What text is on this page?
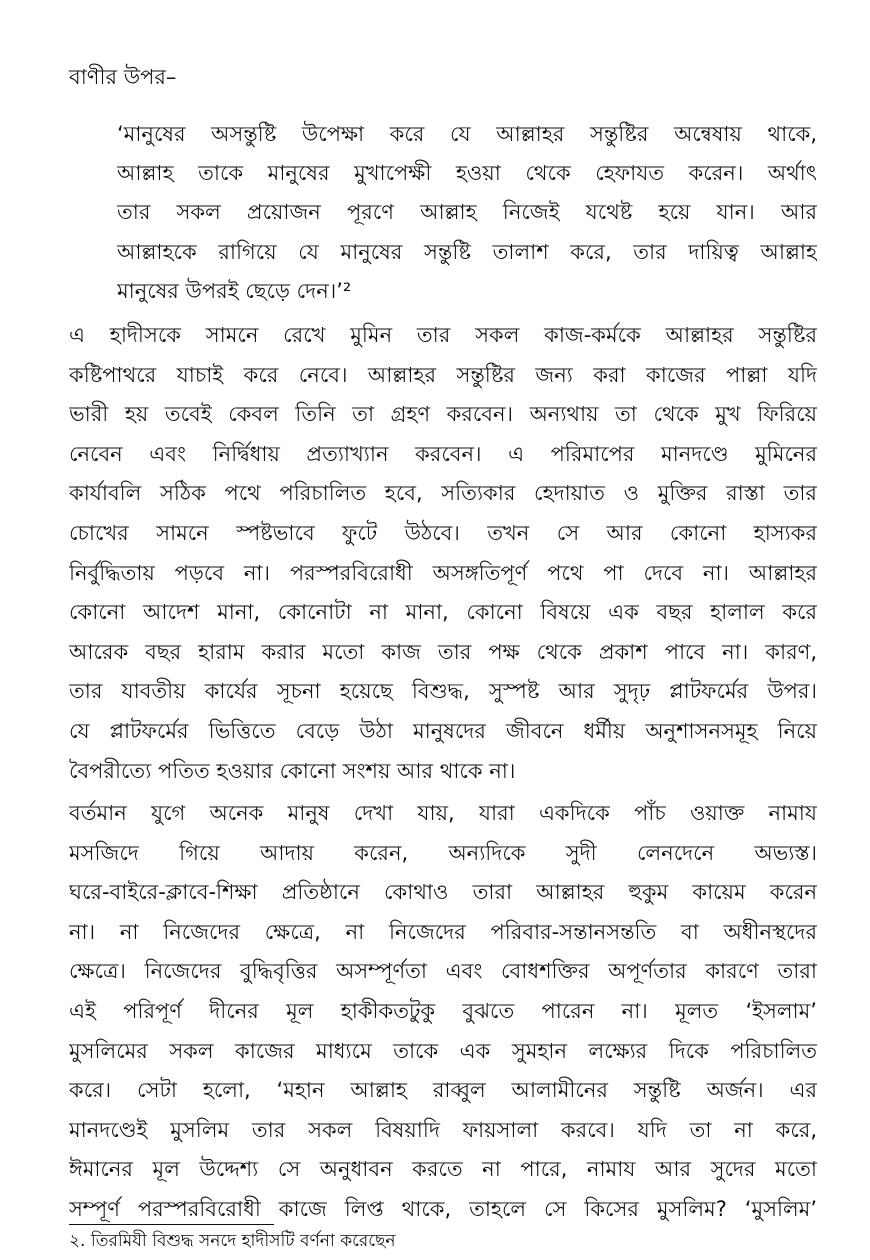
বাণীর উপর–
‘মানুষের অসন্তুষ্টি উপেক্ষা করে যে আল্লাহর সন্তুষ্টির অন্বেষায় থাকে,
আল্লাহ তাকে মানুষের মুখাপেক্ষী হওয়া থেকে হেফাযত করেন। অর্থাৎ
তার সকল প্রয়োজন পূরণে আল্লাহ নিজেই যথেষ্ট হয়ে যান। আর
আল্লাহকে রাগিয়ে যে মানুষের সন্তুষ্টি তালাশ করে, তার দায়িত্ব আল্লাহ
মানুষের উপরই ছেড়ে দেন।’²
এ হাদীসকে সামনে রেখে মুমিন তার সকল কাজ-কর্মকে আল্লাহর সন্তুষ্টির
কষ্টিপাথরে যাচাই করে নেবে। আল্লাহর সন্তুষ্টির জন্য করা কাজের পাল্লা যদি
ভারী হয় তবেই কেবল তিনি তা গ্রহণ করবেন। অন্যথায় তা থেকে মুখ ফিরিয়ে
নেবেন এবং নির্দ্বিধায় প্রত্যাখ্যান করবেন। এ পরিমাপের মানদণ্ডে মুমিনের
কার্যাবলি সঠিক পথে পরিচালিত হবে, সত্যিকার হেদায়াত ও মুক্তির রাস্তা তার
চোখের সামনে স্পষ্টভাবে ফুটে উঠবে। তখন সে আর কোনো হাস্যকর
নির্বুদ্ধিতায় পড়বে না। পরস্পরবিরোধী অসঙ্গতিপূর্ণ পথে পা দেবে না। আল্লাহর
কোনো আদেশ মানা, কোনোটা না মানা, কোনো বিষয়ে এক বছর হালাল করে
আরেক বছর হারাম করার মতো কাজ তার পক্ষ থেকে প্রকাশ পাবে না। কারণ,
তার যাবতীয় কার্যের সূচনা হয়েছে বিশুদ্ধ, সুস্পষ্ট আর সুদৃঢ় প্লাটফর্মের উপর।
যে প্লাটফর্মের ভিত্তিতে বেড়ে উঠা মানুষদের জীবনে ধর্মীয় অনুশাসনসমূহ নিয়ে
বৈপরীত্যে পতিত হওয়ার কোনো সংশয় আর থাকে না।
বর্তমান যুগে অনেক মানুষ দেখা যায়, যারা একদিকে পাঁচ ওয়াক্ত নামায
মসজিদে গিয়ে আদায় করেন, অন্যদিকে সুদী লেনদেনে অভ্যস্ত।
ঘরে-বাইরে-ক্লাবে-শিক্ষা প্রতিষ্ঠানে কোথাও তারা আল্লাহর হুকুম কায়েম করেন
না। না নিজেদের ক্ষেত্রে, না নিজেদের পরিবার-সন্তানসন্ততি বা অধীনস্থদের
ক্ষেত্রে। নিজেদের বুদ্ধিবৃত্তির অসম্পূর্ণতা এবং বোধশক্তির অপূর্ণতার কারণে তারা
এই পরিপূর্ণ দীনের মূল হাকীকতটুকু বুঝতে পারেন না। মূলত ‘ইসলাম’
মুসলিমের সকল কাজের মাধ্যমে তাকে এক সুমহান লক্ষ্যের দিকে পরিচালিত
করে। সেটা হলো, ‘মহান আল্লাহ রাব্বুল আলামীনের সন্তুষ্টি অর্জন। এর
মানদণ্ডেই মুসলিম তার সকল বিষয়াদি ফায়সালা করবে। যদি তা না করে,
ঈমানের মূল উদ্দেশ্য সে অনুধাবন করতে না পারে, নামায আর সুদের মতো
সম্পূর্ণ পরস্পরবিরোধী কাজে লিপ্ত থাকে, তাহলে সে কিসের মুসলিম? ‘মুসলিম’
২. তিরমিযী বিশুদ্ধ সনদে হাদীসটি বর্ণনা করেছেন
